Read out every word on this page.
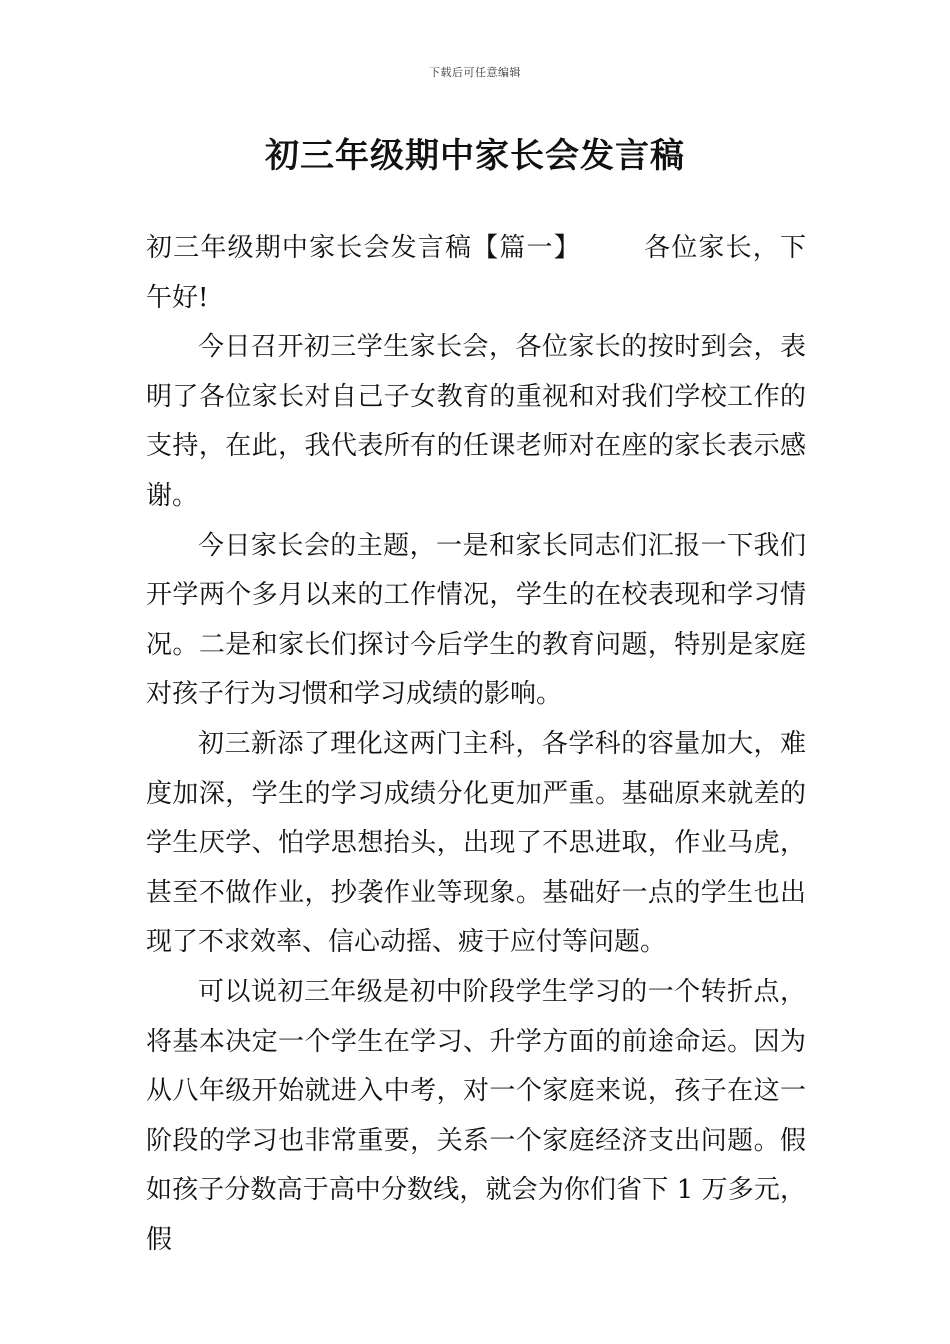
下载后可任意编辑
初三年级期中家长会发言稿

初三年级期中家长会发言稿【篇一】 各位家长，下午好!

今日召开初三学生家长会，各位家长的按时到会，表明了各位家长对自己子女教育的重视和对我们学校工作的支持，在此，我代表所有的任课老师对在座的家长表示感谢。

今日家长会的主题，一是和家长同志们汇报一下我们开学两个多月以来的工作情况，学生的在校表现和学习情况。二是和家长们探讨今后学生的教育问题，特别是家庭对孩子行为习惯和学习成绩的影响。

初三新添了理化这两门主科，各学科的容量加大，难度加深，学生的学习成绩分化更加严重。基础原来就差的学生厌学、怕学思想抬头，出现了不思进取，作业马虎，甚至不做作业，抄袭作业等现象。基础好一点的学生也出现了不求效率、信心动摇、疲于应付等问题。

可以说初三年级是初中阶段学生学习的一个转折点，将基本决定一个学生在学习、升学方面的前途命运。因为从八年级开始就进入中考，对一个家庭来说，孩子在这一阶段的学习也非常重要，关系一个家庭经济支出问题。假如孩子分数高于高中分数线，就会为你们省下 1 万多元，假
